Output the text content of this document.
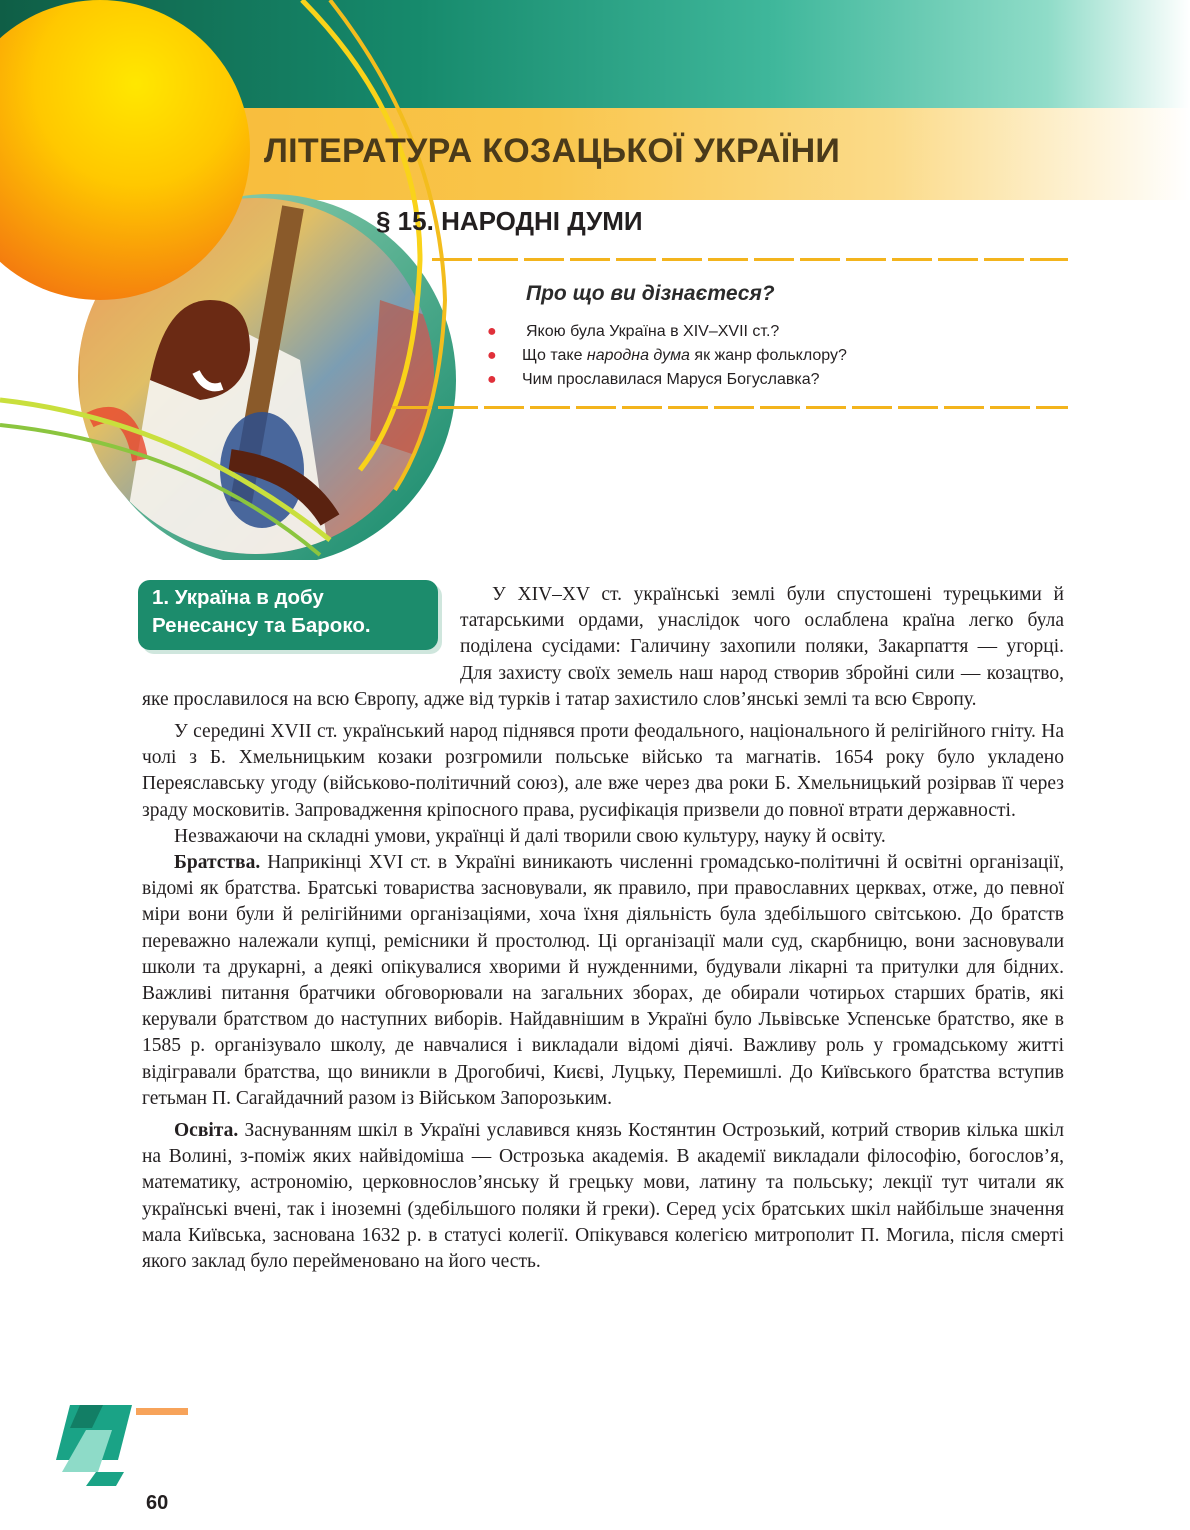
ЛІТЕРАТУРА КОЗАЦЬКОЇ УКРАЇНИ
§ 15. НАРОДНІ ДУМИ

Про що ви дізнаєтеся?

● Якою була Україна в XIV–XVII ст.?
● Що таке народна дума як жанр фольклору?
● Чим прославилася Маруся Богуславка?

У XIV–XV ст. українські землі були спустошені турецькими й татарськими ордами, унаслідок чого ослаблена країна легко була поділена сусідами: Галичину захопили поляки, Закарпаття — угорці. Для захисту своїх земель наш народ створив збройні сили — козацтво, яке прославилося на всю Європу, адже від турків і татар захистило слов’янські землі та всю Європу.

У середині XVII ст. український народ піднявся проти феодального, національного й релігійного гніту. На чолі з Б. Хмельницьким козаки розгромили польське військо та магнатів. 1654 року було укладено Переяславську угоду (військово-політичний союз), але вже через два роки Б. Хмельницький розірвав її через зраду московитів. Запровадження кріпосного права, русифікація призвели до повної втрати державності.

Незважаючи на складні умови, українці й далі творили свою культуру, науку й освіту.

Братства. Наприкінці XVI ст. в Україні виникають численні громадсько-політичні й освітні організації, відомі як братства. Братські товариства засновували, як правило, при православних церквах, отже, до певної міри вони були й релігійними організаціями, хоча їхня діяльність була здебільшого світською. До братств переважно належали купці, ремісники й простолюд. Ці організації мали суд, скарбницю, вони засновували школи та друкарні, а деякі опікувалися хворими й нужденними, будували лікарні та притулки для бідних. Важливі питання братчики обговорювали на загальних зборах, де обирали чотирьох старших братів, які керували братством до наступних виборів. Найдавнішим в Україні було Львівське Успенське братство, яке в 1585 р. організувало школу, де навчалися і викладали відомі діячі. Важливу роль у громадському житті відігравали братства, що виникли в Дрогобичі, Києві, Луцьку, Перемишлі. До Київського братства вступив гетьман П. Сагайдачний разом із Військом Запорозьким.

Освіта. Заснуванням шкіл в Україні уславився князь Костянтин Острозький, котрий створив кілька шкіл на Волині, з-поміж яких найвідоміша — Острозька академія. В академії викладали філософію, богослов’я, математику, астрономію, церковнослов’янську й грецьку мови, латину та польську; лекції тут читали як українські вчені, так і іноземні (здебільшого поляки й греки). Серед усіх братських шкіл найбільше значення мала Київська, заснована 1632 р. в статусі колегії. Опікувався колегією митрополит П. Могила, після смерті якого заклад було перейменовано на його честь.

1. Україна в добу
Ренесансу та Бароко.

60
